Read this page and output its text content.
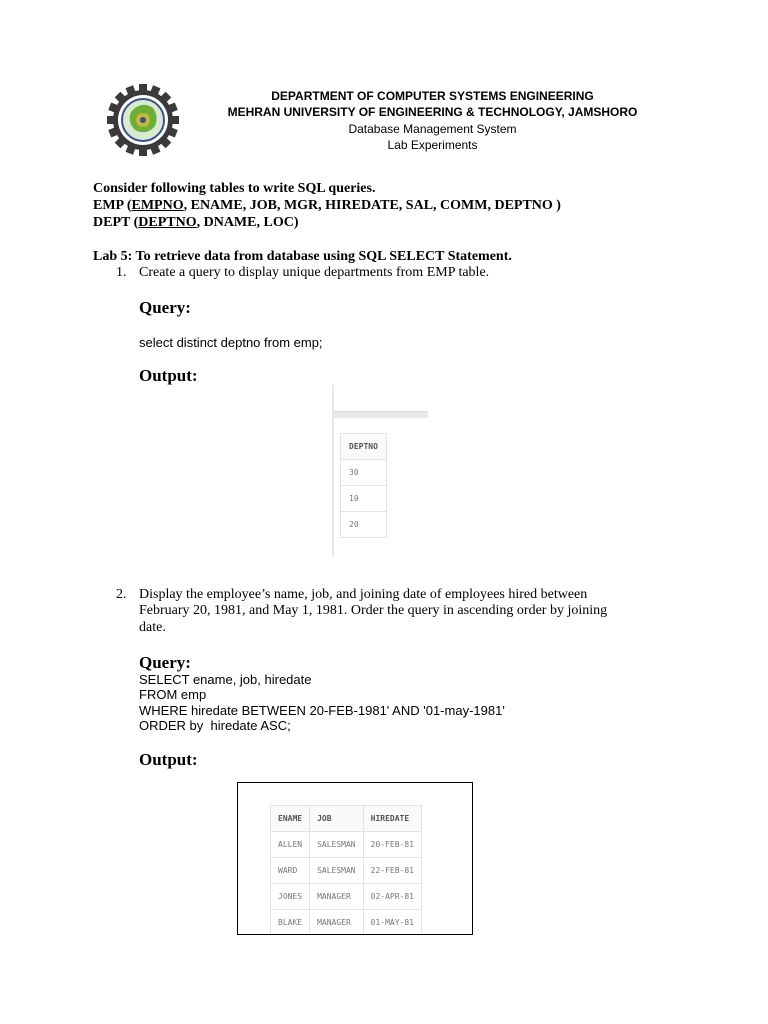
DEPARTMENT OF COMPUTER SYSTEMS ENGINEERING
MEHRAN UNIVERSITY OF ENGINEERING & TECHNOLOGY, JAMSHORO
Database Management System
Lab Experiments
Consider following tables to write SQL queries.
EMP (EMPNO, ENAME, JOB, MGR, HIREDATE, SAL, COMM, DEPTNO )
DEPT (DEPTNO, DNAME, LOC)
Lab 5: To retrieve data from database using SQL SELECT Statement.
1. Create a query to display unique departments from EMP table.
Query:
select distinct deptno from emp;
Output:
DEPTNO
30
10
20
2. Display the employee’s name, job, and joining date of employees hired between
February 20, 1981, and May 1, 1981. Order the query in ascending order by joining
date.
Query:
SELECT ename, job, hiredate
FROM emp
WHERE hiredate BETWEEN 20-FEB-1981' AND '01-may-1981'
ORDER by  hiredate ASC;
Output:
ENAME	JOB	HIREDATE
ALLEN	SALESMAN	20-FEB-81
WARD	SALESMAN	22-FEB-81
JONES	MANAGER	02-APR-81
BLAKE	MANAGER	01-MAY-81
